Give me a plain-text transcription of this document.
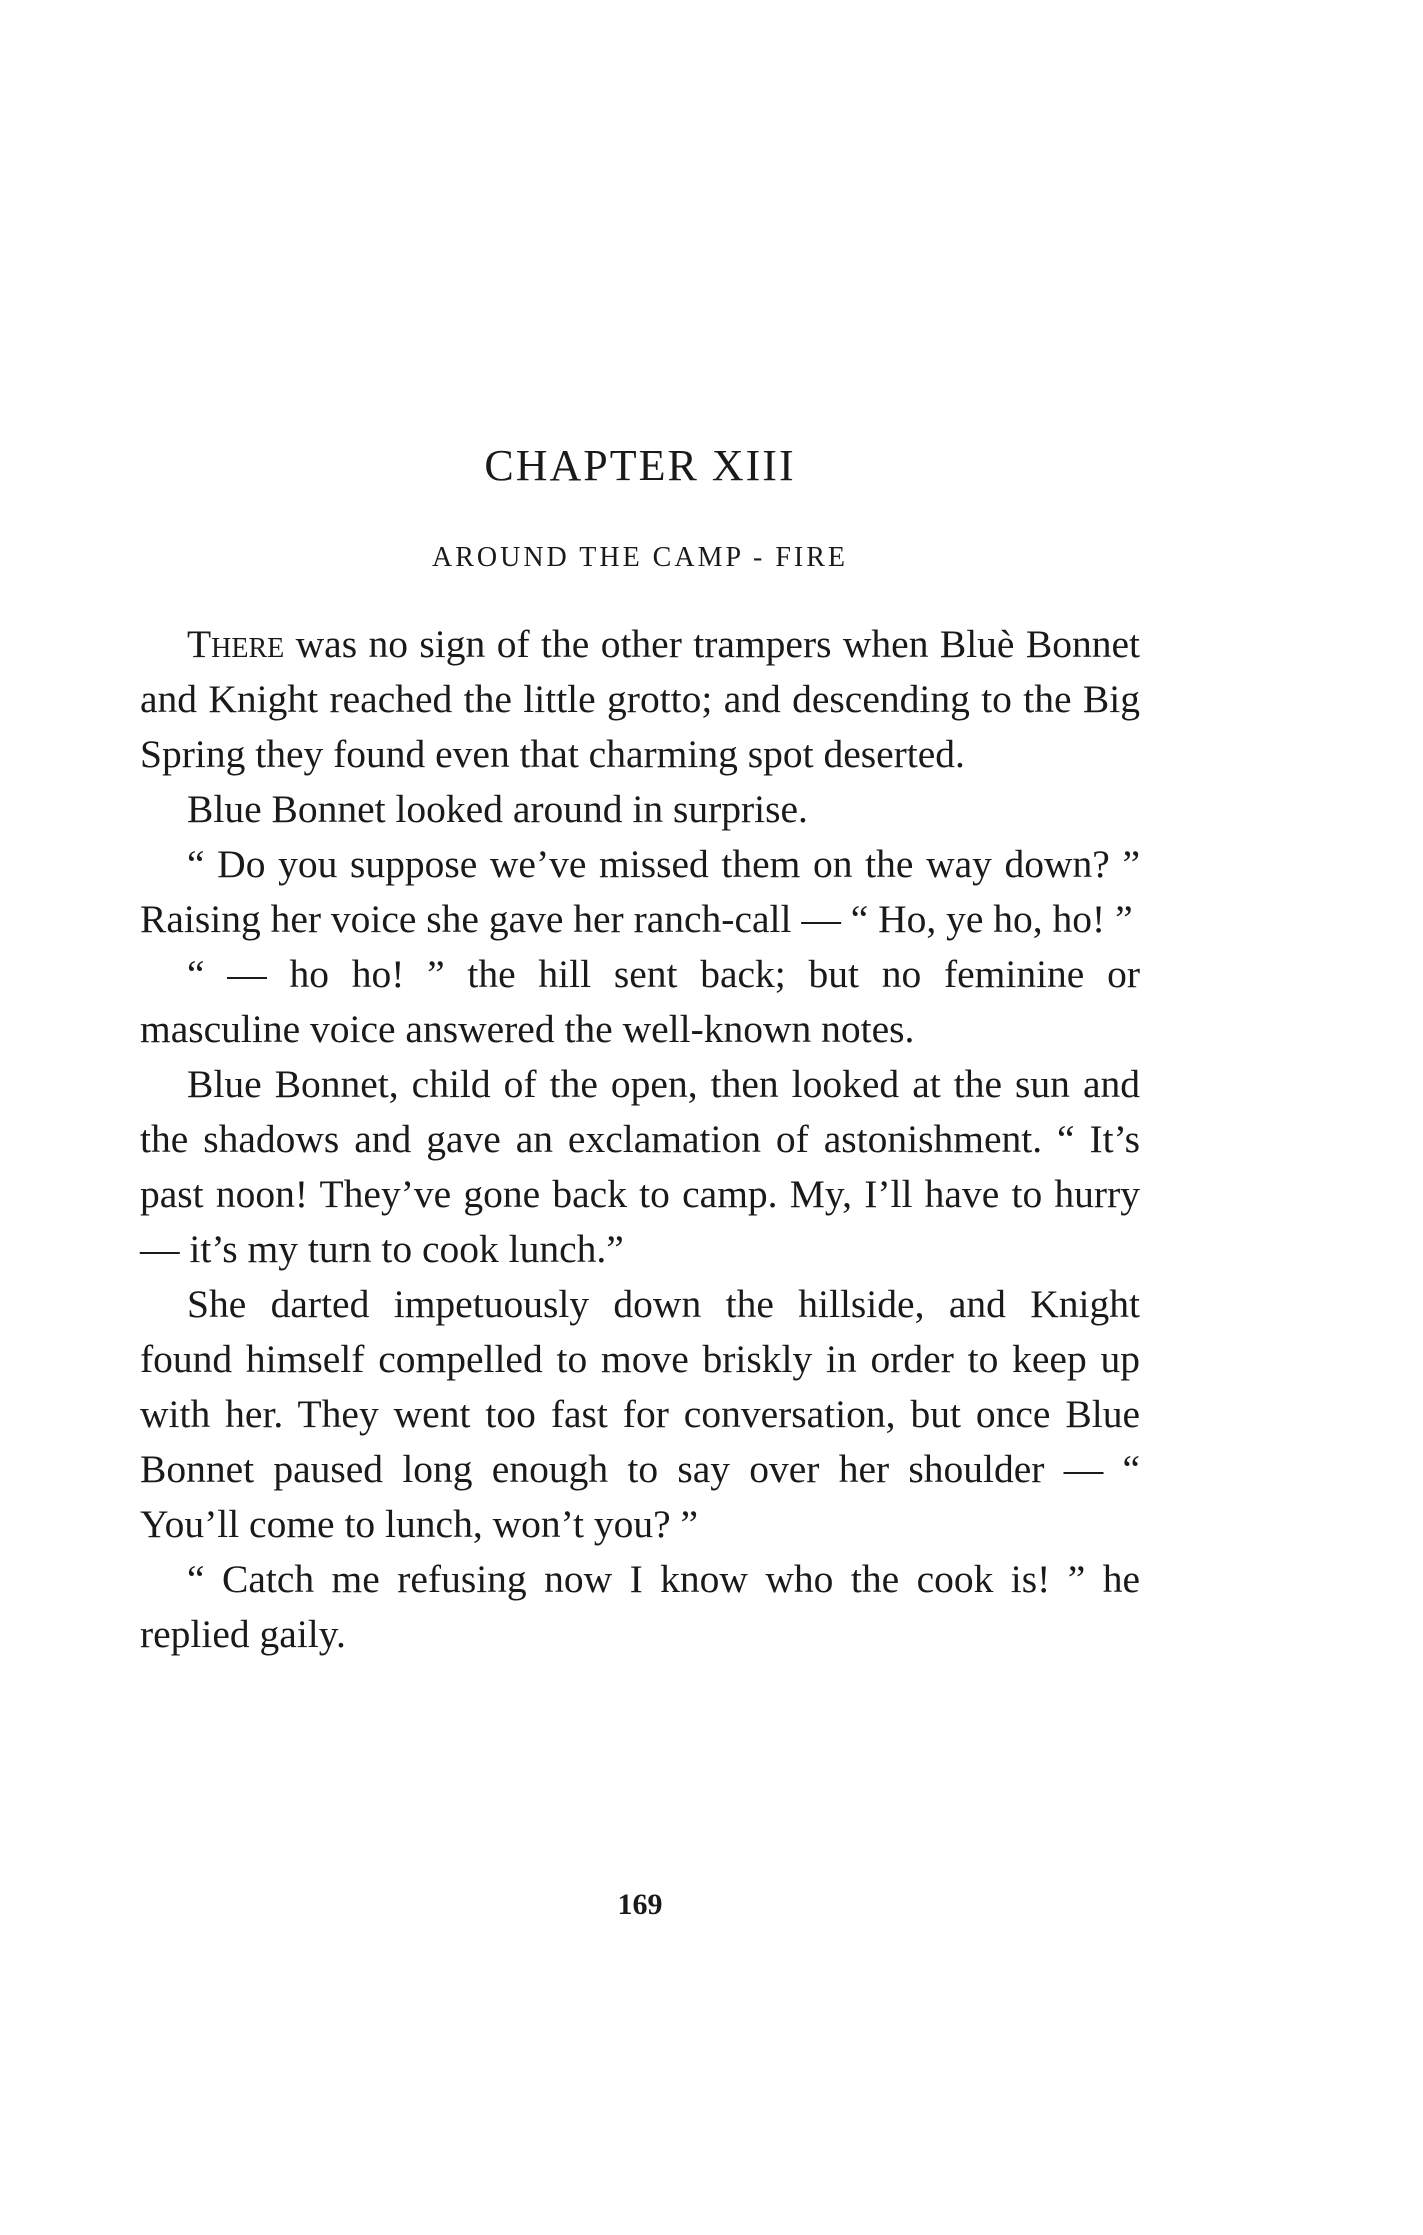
CHAPTER XIII
AROUND THE CAMP - FIRE

There was no sign of the other trampers when Bluè Bonnet and Knight reached the little grotto; and descending to the Big Spring they found even that charming spot deserted.

Blue Bonnet looked around in surprise.

“ Do you suppose we’ve missed them on the way down? ” Raising her voice she gave her ranch-call — “ Ho, ye ho, ho! ”

“ — ho ho! ” the hill sent back; but no feminine or masculine voice answered the well-known notes.

Blue Bonnet, child of the open, then looked at the sun and the shadows and gave an exclamation of astonishment. “ It’s past noon! They’ve gone back to camp. My, I’ll have to hurry — it’s my turn to cook lunch.”

She darted impetuously down the hillside, and Knight found himself compelled to move briskly in order to keep up with her. They went too fast for conversation, but once Blue Bonnet paused long enough to say over her shoulder — “ You’ll come to lunch, won’t you? ”

“ Catch me refusing now I know who the cook is! ” he replied gaily.

169
